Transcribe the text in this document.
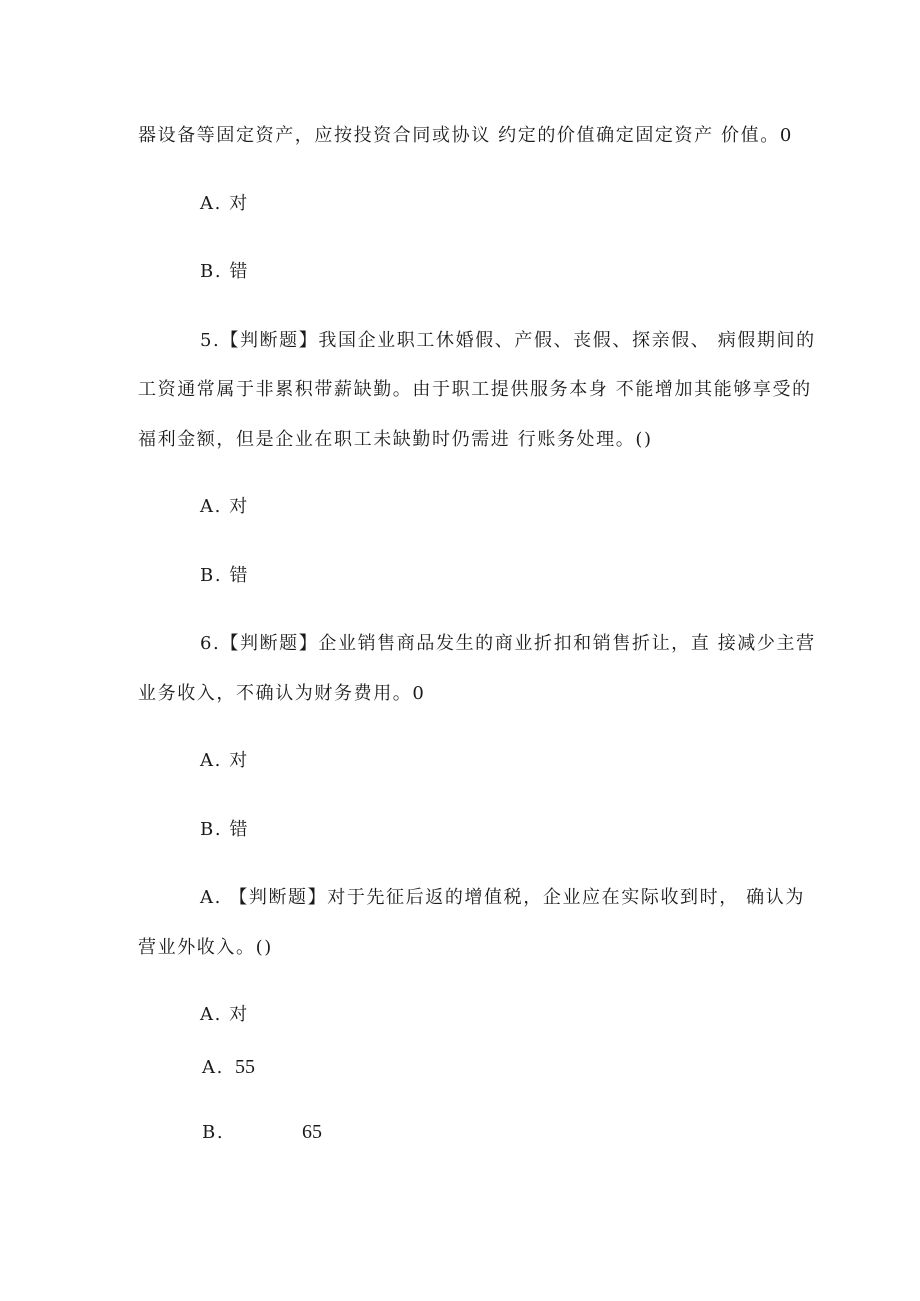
器设备等固定资产，应按投资合同或协议 约定的价值确定固定资产 价值。0
A. 对
B. 错
5.【判断题】我国企业职工休婚假、产假、丧假、探亲假、 病假期间的
工资通常属于非累积带薪缺勤。由于职工提供服务本身 不能增加其能够享受的
福利金额，但是企业在职工未缺勤时仍需进 行账务处理。()
A. 对
B. 错
6.【判断题】企业销售商品发生的商业折扣和销售折让，直 接减少主营
业务收入，不确认为财务费用。0
A. 对
B. 错
A. 【判断题】对于先征后返的增值税，企业应在实际收到时， 确认为
营业外收入。()
A. 对
A. 55
B.	65
